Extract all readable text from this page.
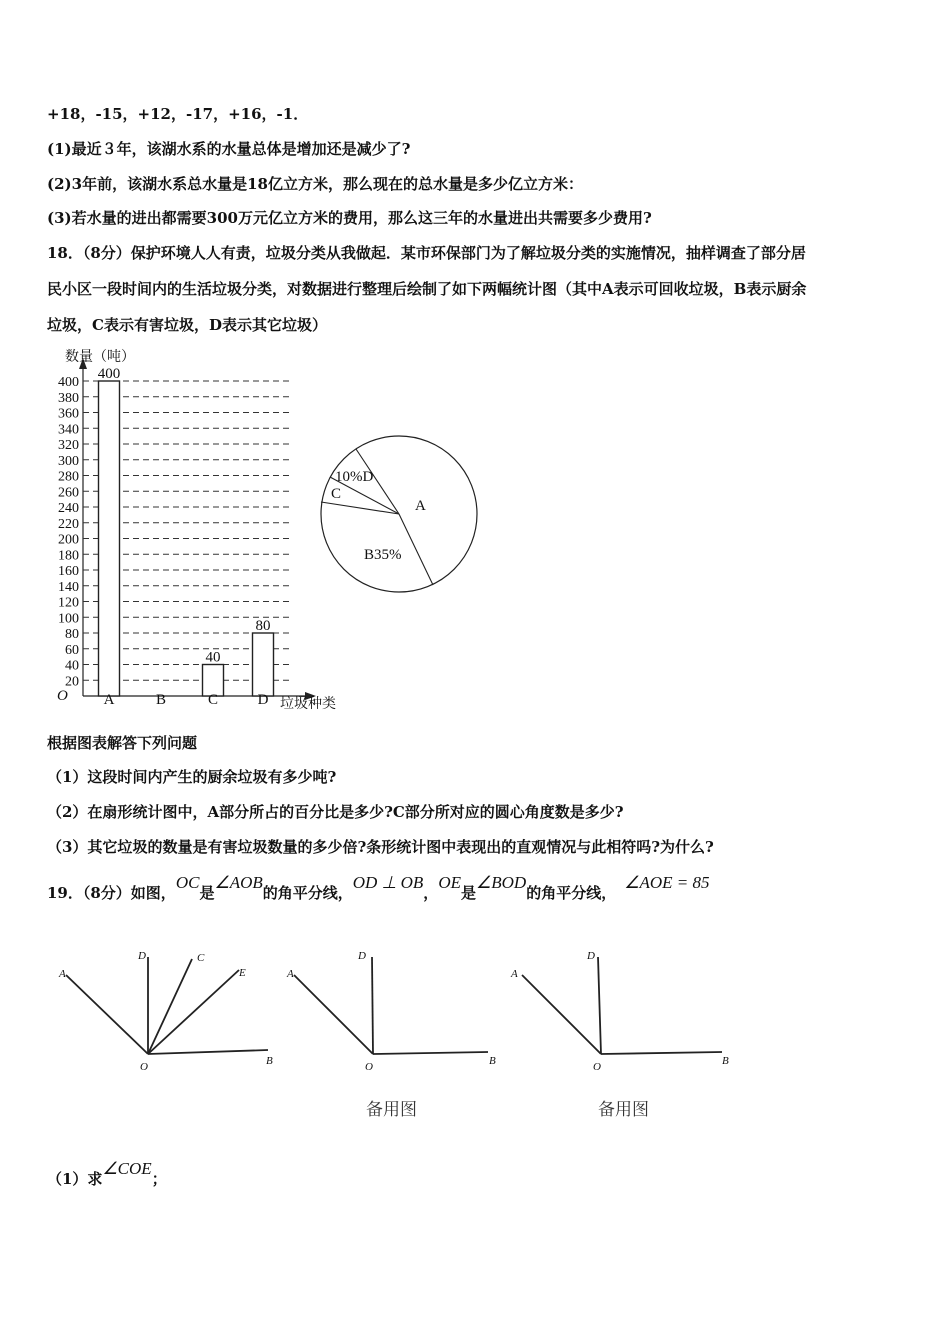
+18，-15，+12，-17，+16，-1．
(1)最近３年，该湖水系的水量总体是增加还是减少了?
(2)3年前，该湖水系总水量是18亿立方米，那么现在的总水量是多少亿立方米：
(3)若水量的进出都需要300万元亿立方米的费用，那么这三年的水量进出共需要多少费用?
18．（8分）保护环境人人有责，垃圾分类从我做起．某市环保部门为了解垃圾分类的实施情况，抽样调查了部分居
民小区一段时间内的生活垃圾分类，对数据进行整理后绘制了如下两幅统计图（其中A表示可回收垃圾，B表示厨余
垃圾，C表示有害垃圾，D表示其它垃圾）
数量（吨）
垃圾种类
O
20
40
60
80
100
120
140
160
180
200
220
240
260
280
300
320
340
360
380
400
A	B	C	D
400
40
80
A
B35%
C
10%D
根据图表解答下列问题
（1）这段时间内产生的厨余垃圾有多少吨?
（2）在扇形统计图中，A部分所占的百分比是多少?C部分所对应的圆心角度数是多少?
（3）其它垃圾的数量是有害垃圾数量的多少倍?条形统计图中表现出的直观情况与此相符吗?为什么?
19．（8分）如图，OC是∠AOB的角平分线，OD ⊥ OB，OE是∠BOD的角平分线，∠AOE = 85
A
D	C
E
O	B
A
D
O	B
A
D
O	B
备用图	备用图
（1）求∠COE；
